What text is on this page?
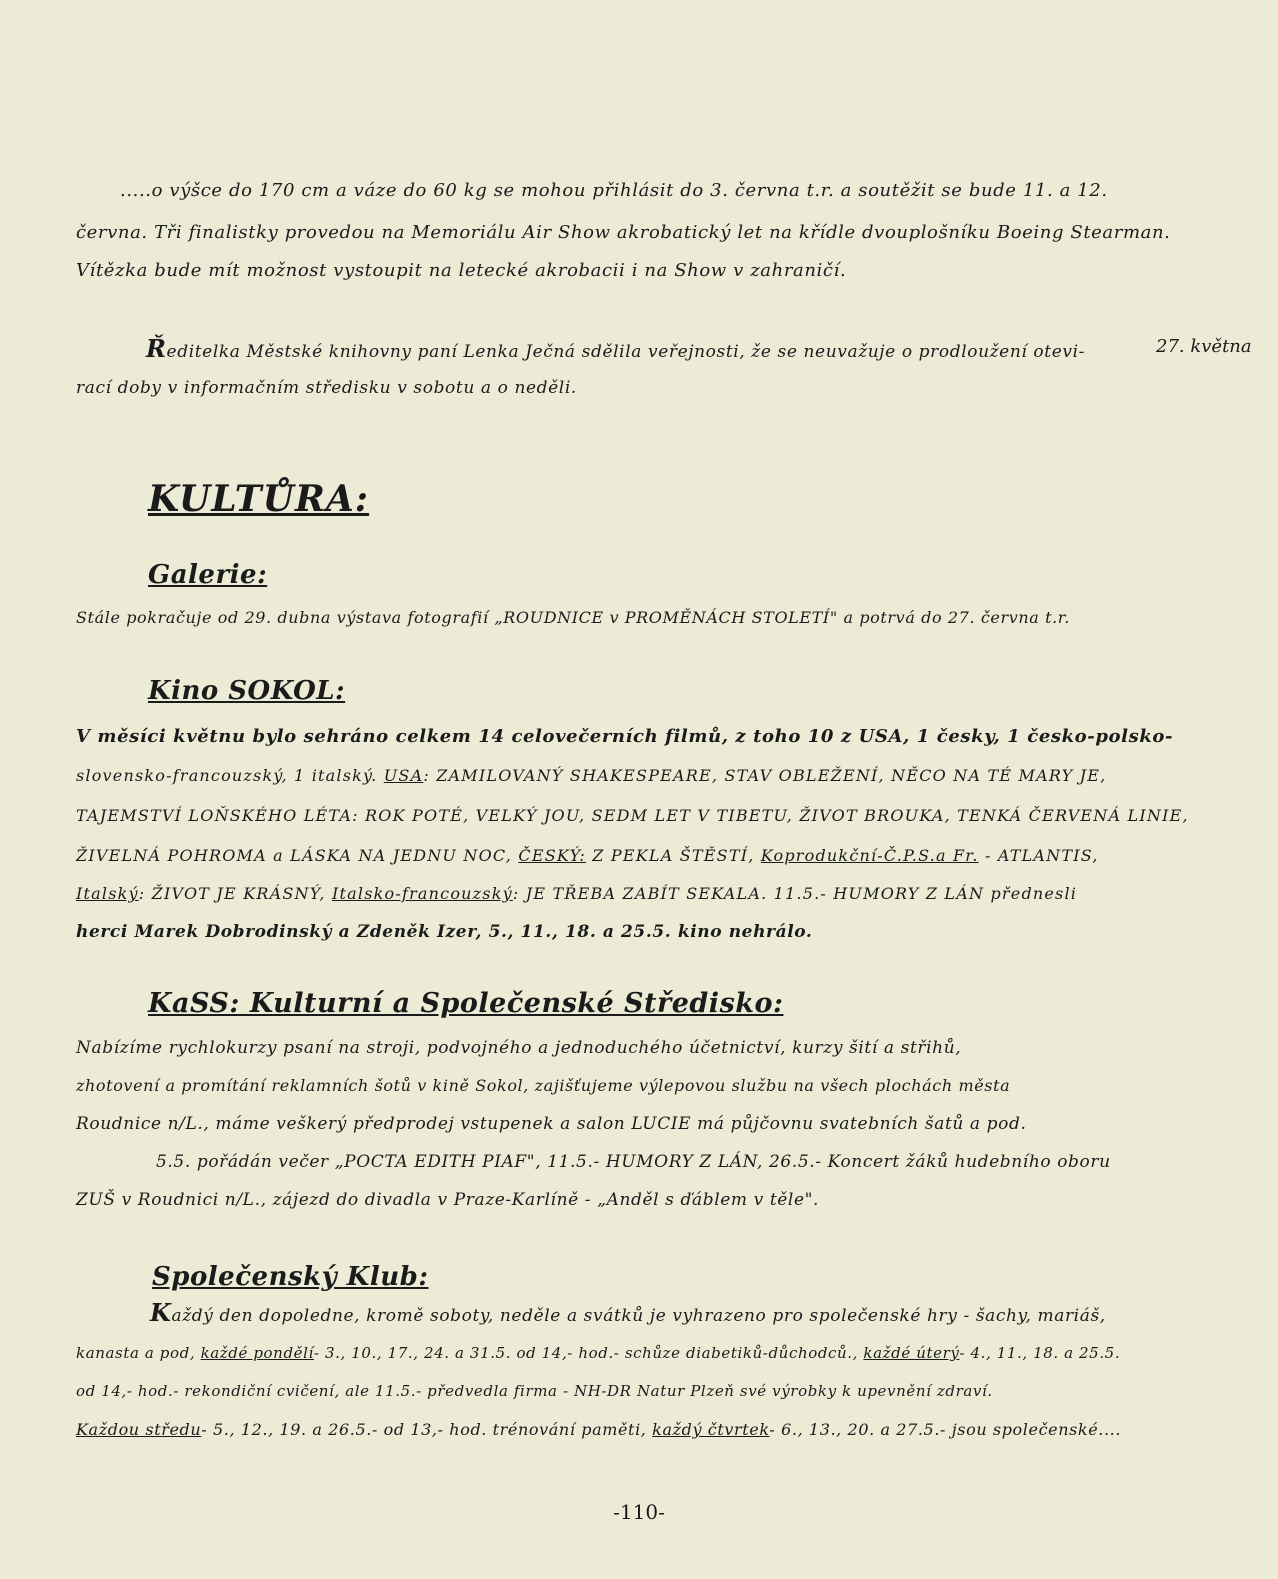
.....o výšce do 170 cm a váze do 60 kg se mohou přihlásit do 3. června t.r. a soutěžit se bude 11. a 12.
června. Tři finalistky provedou na Memoriálu Air Show akrobatický let na křídle dvouplošníku Boeing Stearman.
Vítězka bude mít možnost vystoupit na letecké akrobacii i na Show v zahraničí.
Ředitelka Městské knihovny paní Lenka Ječná sdělila veřejnosti, že se neuvažuje o prodloužení otevi-	27. května
rací doby v informačním středisku v sobotu a o neděli.
KULTŮRA:
Galerie:
Stále pokračuje od 29. dubna výstava fotografií „ROUDNICE v PROMĚNÁCH STOLETÍ" a potrvá do 27. června t.r.
Kino SOKOL:
V měsíci květnu bylo sehráno celkem 14 celovečerních filmů, z toho 10 z USA, 1 česky, 1 česko-polsko-
slovensko-francouzský, 1 italský. USA: ZAMILOVANÝ SHAKESPEARE, STAV OBLEŽENÍ, NĚCO NA TÉ MARY JE,
TAJEMSTVÍ LOŇSKÉHO LÉTA: ROK POTÉ, VELKÝ JOU, SEDM LET V TIBETU, ŽIVOT BROUKA, TENKÁ ČERVENÁ LINIE,
ŽIVELNÁ POHROMA a LÁSKA NA JEDNU NOC, ČESKÝ: Z PEKLA ŠTĚSTÍ, Koprodukční-Č.P.S.a Fr. - ATLANTIS,
Italský: ŽIVOT JE KRÁSNÝ, Italsko-francouzský: JE TŘEBA ZABÍT SEKALA. 11.5.- HUMORY Z LÁN přednesli
herci Marek Dobrodinský a Zdeněk Izer, 5., 11., 18. a 25.5. kino nehrálo.
KaSS: Kulturní a Společenské Středisko:
Nabízíme rychlokurzy psaní na stroji, podvojného a jednoduchého účetnictví, kurzy šití a střihů,
zhotovení a promítání reklamních šotů v kině Sokol, zajišťujeme výlepovou službu na všech plochách města
Roudnice n/L., máme veškerý předprodej vstupenek a salon LUCIE má půjčovnu svatebních šatů a pod.
5.5. pořádán večer „POCTA EDITH PIAF", 11.5.- HUMORY Z LÁN, 26.5.- Koncert žáků hudebního oboru
ZUŠ v Roudnici n/L., zájezd do divadla v Praze-Karlíně - „Anděl s ďáblem v těle".
Společenský Klub:
Každý den dopoledne, kromě soboty, neděle a svátků je vyhrazeno pro společenské hry - šachy, mariáš,
kanasta a pod, každé pondělí- 3., 10., 17., 24. a 31.5. od 14,- hod.- schůze diabetiků-důchodců., každé úterý- 4., 11., 18. a 25.5.
od 14,- hod.- rekondiční cvičení, ale 11.5.- předvedla firma - NH-DR Natur Plzeň své výrobky k upevnění zdraví.
Každou středu- 5., 12., 19. a 26.5.- od 13,- hod. trénování paměti, každý čtvrtek- 6., 13., 20. a 27.5.- jsou společenské....
-110-
